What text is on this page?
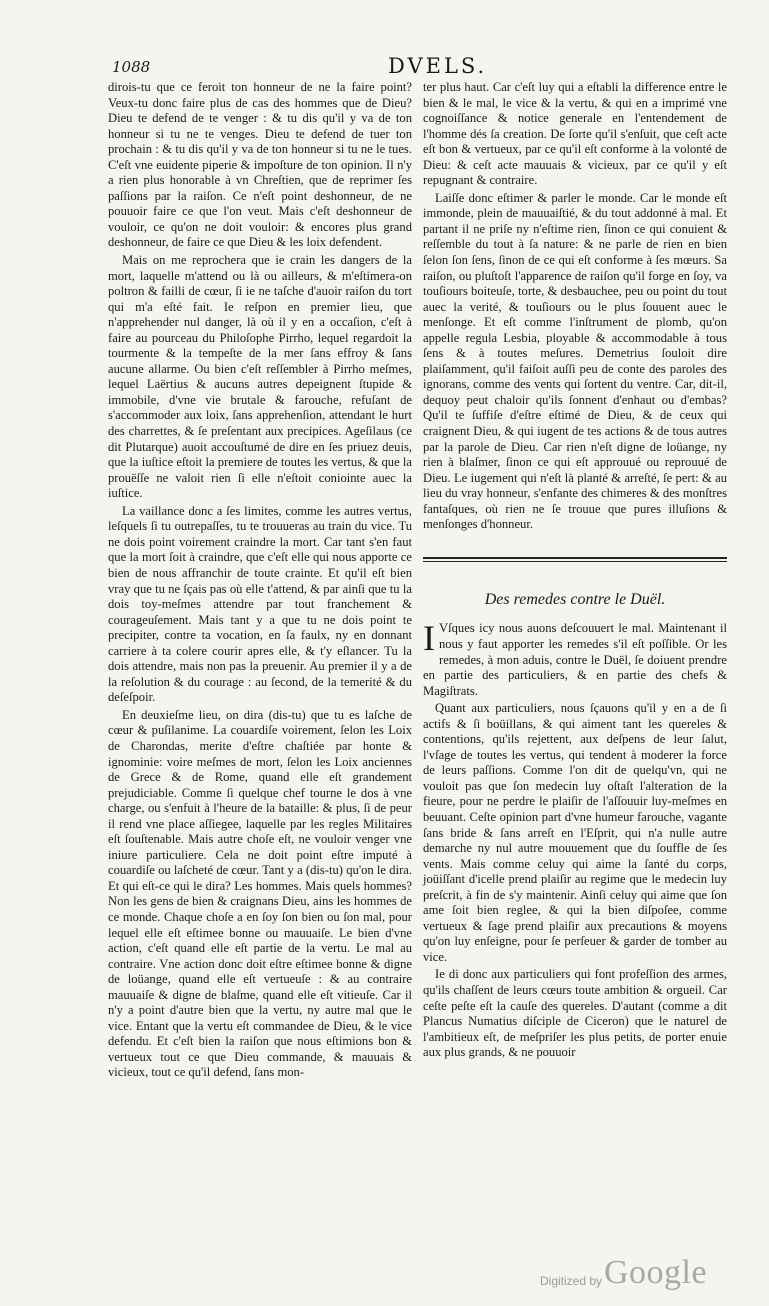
1088	DVELS.

dirois-tu que ce feroit ton honneur de ne la faire point? Veux-tu donc faire plus de cas des hommes que de Dieu? Dieu te defend de te venger : & tu dis qu'il y va de ton honneur si tu ne te venges. Dieu te defend de tuer ton prochain : & tu dis qu'il y va de ton honneur si tu ne le tues. C'eſt vne euidente piperie & impoſture de ton opinion. Il n'y a rien plus honorable à vn Chreſtien, que de reprimer ſes paſſions par la raiſon. Ce n'eſt point deshonneur, de ne pouuoir faire ce que l'on veut. Mais c'eſt deshonneur de vouloir, ce qu'on ne doit vouloir: & encores plus grand deshonneur, de faire ce que Dieu & les loix defendent.

Mais on me reprochera que ie crain les dangers de la mort, laquelle m'attend ou là ou ailleurs, & m'eſtimera-on poltron & failli de cœur, ſi ie ne taſche d'auoir raiſon du tort qui m'a eſté fait. Ie reſpon en premier lieu, que n'apprehender nul danger, là où il y en a occaſion, c'eſt à faire au pourceau du Philoſophe Pirrho, lequel regardoit la tourmente & la tempeſte de la mer ſans effroy & ſans aucune allarme. Ou bien c'eſt reſſembler à Pirrho meſmes, lequel Laërtius & aucuns autres depeignent ſtupide & immobile, d'vne vie brutale & farouche, refuſant de s'accommoder aux loix, ſans apprehenſion, attendant le hurt des charrettes, & ſe preſentant aux precipices. Ageſilaus (ce dit Plutarque) auoit accouſtumé de dire en ſes priuez deuis, que la iuſtice eſtoit la premiere de toutes les vertus, & que la prouëſſe ne valoit rien ſi elle n'eſtoit coniointe auec la iuſtice.

La vaillance donc a ſes limites, comme les autres vertus, leſquels ſi tu outrepaſſes, tu te trouueras au train du vice. Tu ne dois point voirement craindre la mort. Car tant s'en faut que la mort ſoit à craindre, que c'eſt elle qui nous apporte ce bien de nous affranchir de toute crainte. Et qu'il eſt bien vray que tu ne ſçais pas où elle t'attend, & par ainſi que tu la dois toy-meſmes attendre par tout franchement & courageuſement. Mais tant y a que tu ne dois point te precipiter, contre ta vocation, en ſa faulx, ny en donnant carriere à ta colere courir apres elle, & t'y eſlancer. Tu la dois attendre, mais non pas la preuenir. Au premier il y a de la reſolution & du courage : au ſecond, de la temerité & du deſeſpoir.

En deuxieſme lieu, on dira (dis-tu) que tu es laſche de cœur & puſilanime. La couardiſe voirement, ſelon les Loix de Charondas, merite d'eſtre chaſtiée par honte & ignominie: voire meſmes de mort, ſelon les Loix anciennes de Grece & de Rome, quand elle eſt grandement prejudiciable. Comme ſi quelque chef tourne le dos à vne charge, ou s'enfuit à l'heure de la bataille: & plus, ſi de peur il rend vne place aſſiegee, laquelle par les regles Militaires eſt ſouſtenable. Mais autre choſe eſt, ne vouloir venger vne iniure particuliere. Cela ne doit point eſtre imputé à couardiſe ou laſcheté de cœur. Tant y a (dis-tu) qu'on le dira. Et qui eſt-ce qui le dira? Les hommes. Mais quels hommes? Non les gens de bien & craignans Dieu, ains les hommes de ce monde. Chaque choſe a en ſoy ſon bien ou ſon mal, pour lequel elle eſt eſtimee bonne ou mauuaiſe. Le bien d'vne action, c'eſt quand elle eſt partie de la vertu. Le mal au contraire. Vne action donc doit eſtre eſtimee bonne & digne de loüange, quand elle eſt vertueuſe : & au contraire mauuaiſe & digne de blaſme, quand elle eſt vitieuſe. Car il n'y a point d'autre bien que la vertu, ny autre mal que le vice. Entant que la vertu eſt commandee de Dieu, & le vice defendu. Et c'eſt bien la raiſon que nous eſtimions bon & vertueux tout ce que Dieu commande, & mauuais & vicieux, tout ce qu'il defend, ſans mon-

ter plus haut. Car c'eſt luy qui a eſtabli la difference entre le bien & le mal, le vice & la vertu, & qui en a imprimé vne cognoiſſance & notice generale en l'entendement de l'homme dés ſa creation. De ſorte qu'il s'enſuit, que ceſt acte eſt bon & vertueux, par ce qu'il eſt conforme à la volonté de Dieu: & ceſt acte mauuais & vicieux, par ce qu'il y eſt repugnant & contraire.

Laiſſe donc eſtimer & parler le monde. Car le monde eſt immonde, plein de mauuaiſtié, & du tout addonné à mal. Et partant il ne priſe ny n'eſtime rien, ſinon ce qui conuient & reſſemble du tout à ſa nature: & ne parle de rien en bien ſelon ſon ſens, ſinon de ce qui eſt conforme à ſes mœurs. Sa raiſon, ou pluſtoſt l'apparence de raiſon qu'il forge en ſoy, va touſiours boiteuſe, torte, & desbauchee, peu ou point du tout auec la verité, & touſiours ou le plus ſouuent auec le menſonge. Et eſt comme l'inſtrument de plomb, qu'on appelle regula Lesbia, ployable & accommodable à tous ſens & à toutes meſures. Demetrius ſouloit dire plaiſamment, qu'il faiſoit auſſi peu de conte des paroles des ignorans, comme des vents qui ſortent du ventre. Car, dit-il, dequoy peut chaloir qu'ils ſonnent d'enhaut ou d'embas? Qu'il te ſuffiſe d'eſtre eſtimé de Dieu, & de ceux qui craignent Dieu, & qui iugent de tes actions & de tous autres par la parole de Dieu. Car rien n'eſt digne de loüange, ny rien à blaſmer, ſinon ce qui eſt approuué ou reprouué de Dieu. Le iugement qui n'eſt là planté & arreſté, ſe pert: & au lieu du vray honneur, s'enfante des chimeres & des monſtres fantaſques, où rien ne ſe trouue que pures illuſions & menſonges d'honneur.

Des remedes contre le Duël.

I Vſques icy nous auons deſcouuert le mal. Maintenant il nous y faut apporter les remedes s'il eſt poſſible. Or les remedes, à mon aduis, contre le Duël, ſe doiuent prendre en partie des particuliers, & en partie des chefs & Magiſtrats.

Quant aux particuliers, nous ſçauons qu'il y en a de ſi actifs & ſi boüillans, & qui aiment tant les quereles & contentions, qu'ils rejettent, aux deſpens de leur ſalut, l'vſage de toutes les vertus, qui tendent à moderer la force de leurs paſſions. Comme l'on dit de quelqu'vn, qui ne vouloit pas que ſon medecin luy oſtaſt l'alteration de la fieure, pour ne perdre le plaiſir de l'aſſouuir luy-meſmes en beuuant. Ceſte opinion part d'vne humeur farouche, vagante ſans bride & ſans arreſt en l'Eſprit, qui n'a nulle autre demarche ny nul autre mouuement que du ſouffle de ſes vents. Mais comme celuy qui aime la ſanté du corps, joüiſſant d'icelle prend plaiſir au regime que le medecin luy preſcrit, à fin de s'y maintenir. Ainſi celuy qui aime que ſon ame ſoit bien reglee, & qui la bien diſpoſee, comme vertueux & ſage prend plaiſir aux precautions & moyens qu'on luy enſeigne, pour ſe perſeuer & garder de tomber au vice.

Ie di donc aux particuliers qui font profeſſion des armes, qu'ils chaſſent de leurs cœurs toute ambition & orgueil. Car ceſte peſte eſt la cauſe des quereles. D'autant (comme a dit Plancus Numatius diſciple de Ciceron) que le naturel de l'ambitieux eſt, de meſpriſer les plus petits, de porter enuie aux plus grands, & ne pouuoir

Digitized by Google
